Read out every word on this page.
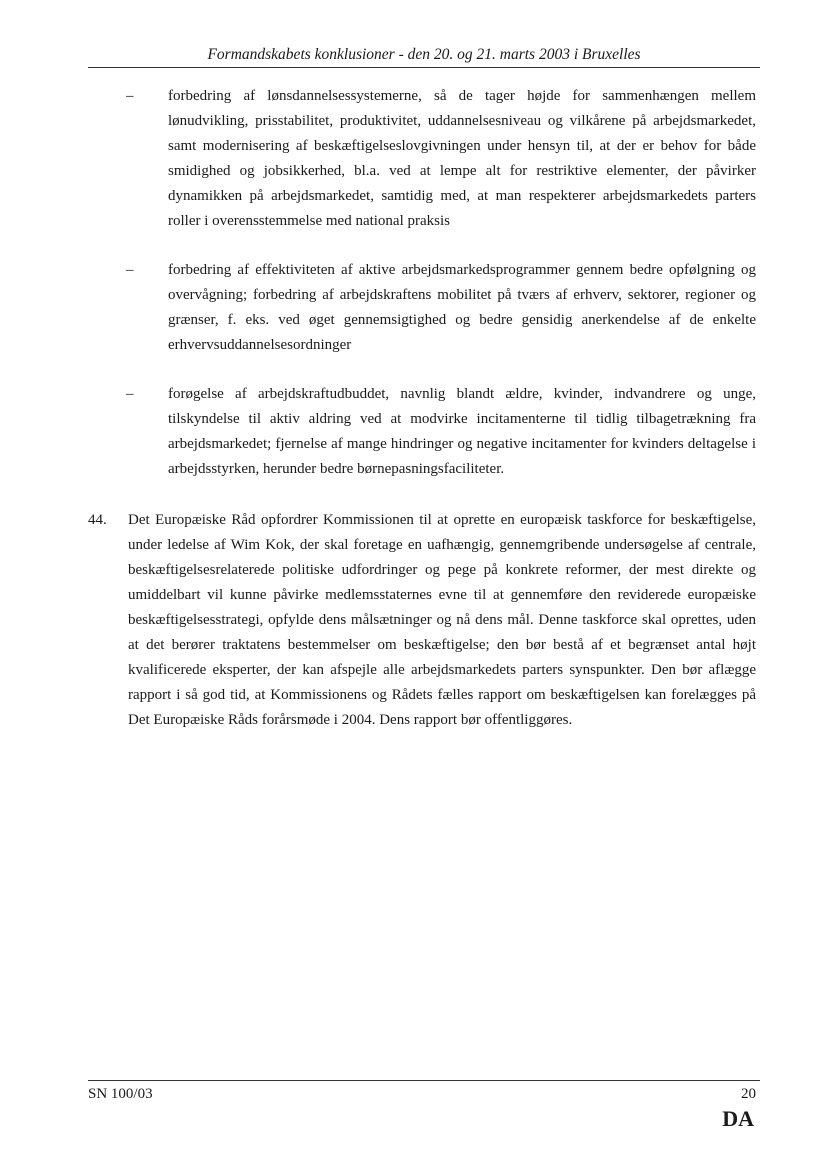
Formandskabets konklusioner - den 20. og 21. marts 2003 i Bruxelles
– forbedring af lønsdannelsessystemerne, så de tager højde for sammenhængen mellem lønudvikling, prisstabilitet, produktivitet, uddannelsesniveau og vilkårene på arbejdsmarkedet, samt modernisering af beskæftigelseslovgivningen under hensyn til, at der er behov for både smidighed og jobsikkerhed, bl.a. ved at lempe alt for restriktive elementer, der påvirker dynamikken på arbejdsmarkedet, samtidig med, at man respekterer arbejdsmarkedets parters roller i overensstemmelse med national praksis
– forbedring af effektiviteten af aktive arbejdsmarkedsprogrammer gennem bedre opfølgning og overvågning; forbedring af arbejdskraftens mobilitet på tværs af erhverv, sektorer, regioner og grænser, f. eks. ved øget gennemsigtighed og bedre gensidig anerkendelse af de enkelte erhvervsuddannelsesordninger
– forøgelse af arbejdskraftudbuddet, navnlig blandt ældre, kvinder, indvandrere og unge, tilskyndelse til aktiv aldring ved at modvirke incitamenterne til tidlig tilbagetrækning fra arbejdsmarkedet; fjernelse af mange hindringer og negative incitamenter for kvinders deltagelse i arbejdsstyrken, herunder bedre børnepasningsfaciliteter.
44. Det Europæiske Råd opfordrer Kommissionen til at oprette en europæisk taskforce for beskæftigelse, under ledelse af Wim Kok, der skal foretage en uafhængig, gennemgribende undersøgelse af centrale, beskæftigelsesrelaterede politiske udfordringer og pege på konkrete reformer, der mest direkte og umiddelbart vil kunne påvirke medlemsstaternes evne til at gennemføre den reviderede europæiske beskæftigelsesstrategi, opfylde dens målsætninger og nå dens mål. Denne taskforce skal oprettes, uden at det berører traktatens bestemmelser om beskæftigelse; den bør bestå af et begrænset antal højt kvalificerede eksperter, der kan afspejle alle arbejdsmarkedets parters synspunkter. Den bør aflægge rapport i så god tid, at Kommissionens og Rådets fælles rapport om beskæftigelsen kan forelægges på Det Europæiske Råds forårsmøde i 2004. Dens rapport bør offentliggøres.
SN 100/03	20
DA
